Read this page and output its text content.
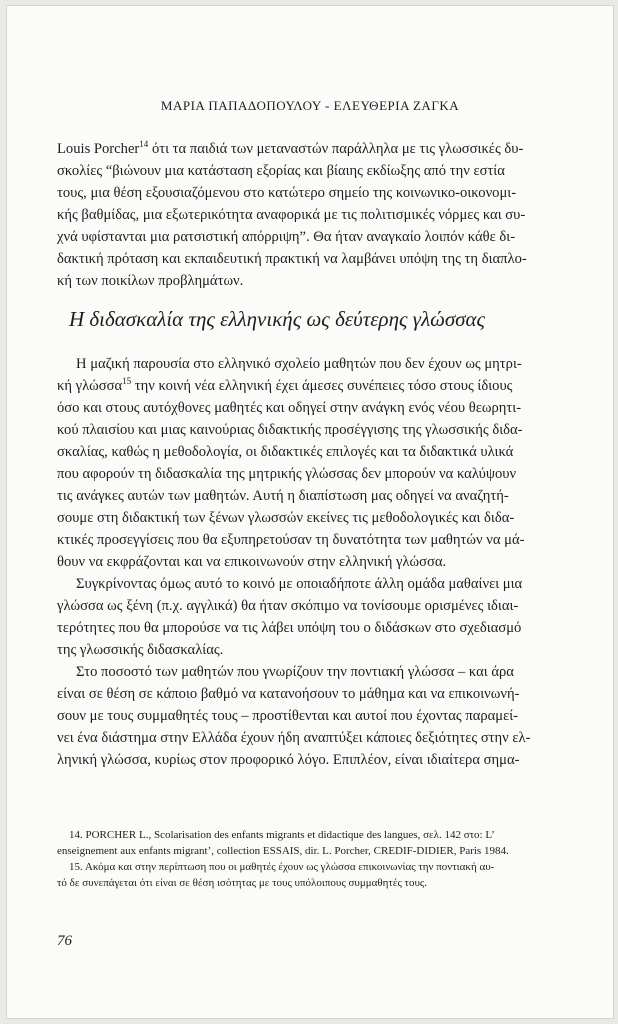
ΜΑΡΙΑ ΠΑΠΑΔΟΠΟΥΛΟΥ - ΕΛΕΥΘΕΡΙΑ ΖΑΓΚΑ
Louis Porcher$^{14}$ ότι τα παιδιά των μεταναστών παράλληλα με τις γλωσσικές δυ-
σκολίες “βιώνουν μια κατάσταση εξορίας και βίαιης εκδίωξης από την εστία
τους, μια θέση εξουσιαζόμενου στο κατώτερο σημείο της κοινωνικο-οικονομι-
κής βαθμίδας, μια εξωτερικότητα αναφορικά με τις πολιτισμικές νόρμες και συ-
χνά υφίστανται μια ρατσιστική απόρριψη”. Θα ήταν αναγκαίο λοιπόν κάθε δι-
δακτική πρόταση και εκπαιδευτική πρακτική να λαμβάνει υπόψη της τη διαπλο-
κή των ποικίλων προβλημάτων.
Η διδασκαλία της ελληνικής ως δεύτερης γλώσσας
Η μαζική παρουσία στο ελληνικό σχολείο μαθητών που δεν έχουν ως μητρι-
κή γλώσσα$^{15}$ την κοινή νέα ελληνική έχει άμεσες συνέπειες τόσο στους ίδιους
όσο και στους αυτόχθονες μαθητές και οδηγεί στην ανάγκη ενός νέου θεωρητι-
κού πλαισίου και μιας καινούριας διδακτικής προσέγγισης της γλωσσικής διδα-
σκαλίας, καθώς η μεθοδολογία, οι διδακτικές επιλογές και τα διδακτικά υλικά
που αφορούν τη διδασκαλία της μητρικής γλώσσας δεν μπορούν να καλύψουν
τις ανάγκες αυτών των μαθητών. Αυτή η διαπίστωση μας οδηγεί να αναζητή-
σουμε στη διδακτική των ξένων γλωσσών εκείνες τις μεθοδολογικές και διδα-
κτικές προσεγγίσεις που θα εξυπηρετούσαν τη δυνατότητα των μαθητών να μά-
θουν να εκφράζονται και να επικοινωνούν στην ελληνική γλώσσα.
Συγκρίνοντας όμως αυτό το κοινό με οποιαδήποτε άλλη ομάδα μαθαίνει μια
γλώσσα ως ξένη (π.χ. αγγλικά) θα ήταν σκόπιμο να τονίσουμε ορισμένες ιδιαι-
τερότητες που θα μπορούσε να τις λάβει υπόψη του ο διδάσκων στο σχεδιασμό
της γλωσσικής διδασκαλίας.
Στο ποσοστό των μαθητών που γνωρίζουν την ποντιακή γλώσσα – και άρα
είναι σε θέση σε κάποιο βαθμό να κατανοήσουν το μάθημα και να επικοινωνή-
σουν με τους συμμαθητές τους – προστίθενται και αυτοί που έχοντας παραμεί-
νει ένα διάστημα στην Ελλάδα έχουν ήδη αναπτύξει κάποιες δεξιότητες στην ελ-
ληνική γλώσσα, κυρίως στον προφορικό λόγο. Επιπλέον, είναι ιδιαίτερα σημα-
14. PORCHER L., Scolarisation des enfants migrants et didactique des langues, σελ. 142 στο: L’
enseignement aux enfants migrant’, collection ESSAIS, dir. L. Porcher, CREDIF-DIDIER, Paris 1984.
15. Ακόμα και στην περίπτωση που οι μαθητές έχουν ως γλώσσα επικοινωνίας την ποντιακή αυ-
τό δε συνεπάγεται ότι είναι σε θέση ισότητας με τους υπόλοιπους συμμαθητές τους.
76
